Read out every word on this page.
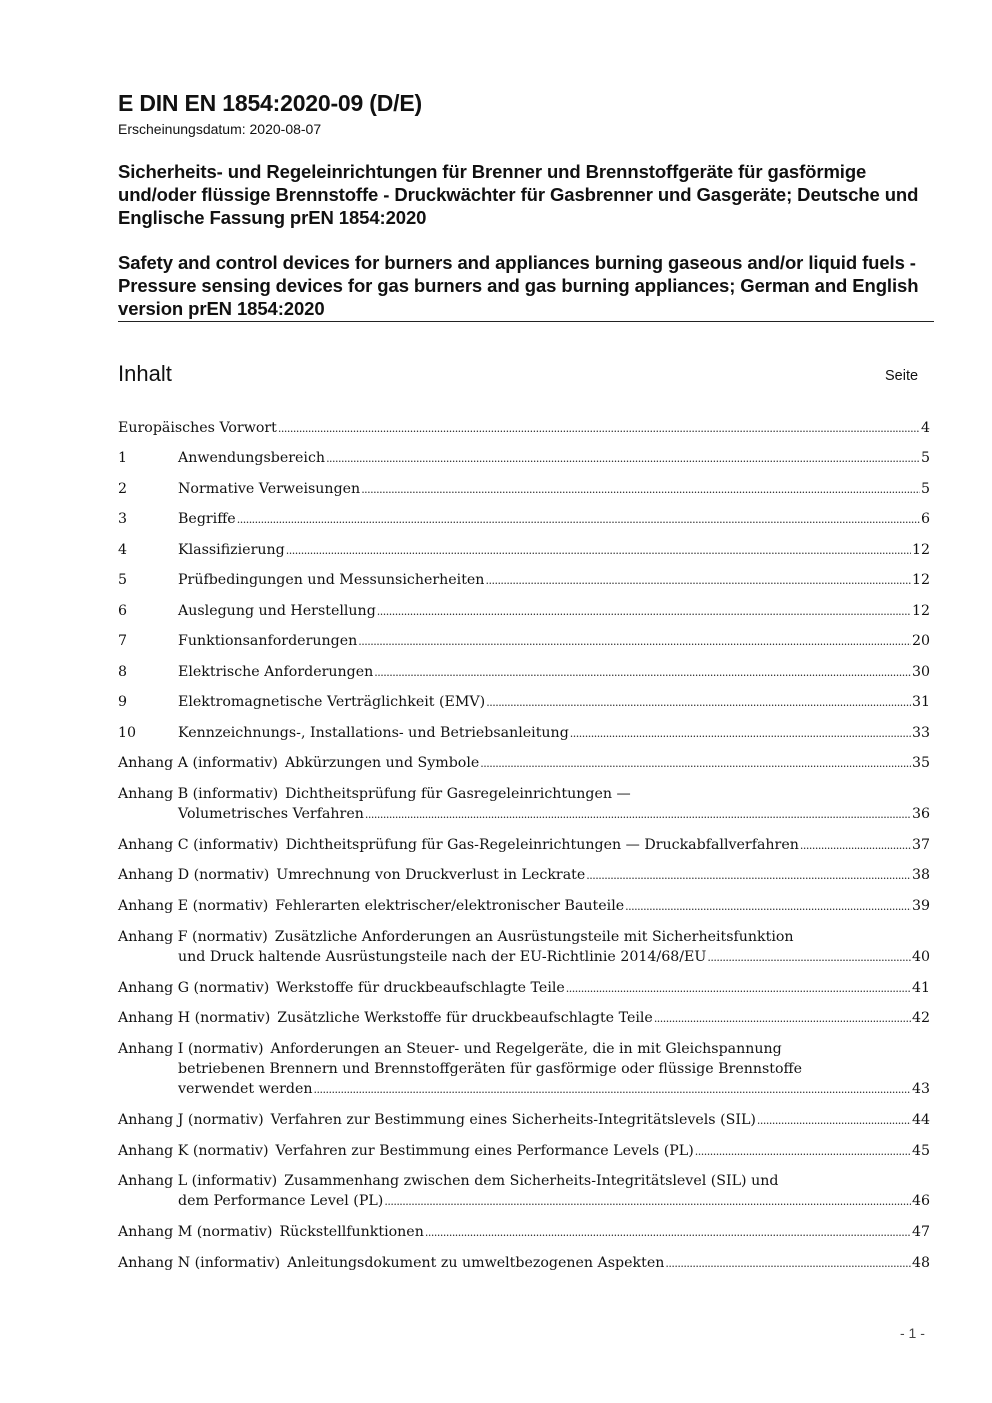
E DIN EN 1854:2020-09 (D/E)
Erscheinungsdatum: 2020-08-07
Sicherheits- und Regeleinrichtungen für Brenner und Brennstoffgeräte für gasförmige und/oder flüssige Brennstoffe - Druckwächter für Gasbrenner und Gasgeräte; Deutsche und Englische Fassung prEN 1854:2020
Safety and control devices for burners and appliances burning gaseous and/or liquid fuels - Pressure sensing devices for gas burners and gas burning appliances; German and English version prEN 1854:2020
Inhalt	Seite
Europäisches Vorwort .....	4
1	Anwendungsbereich .....	5
2	Normative Verweisungen .....	5
3	Begriffe .....	6
4	Klassifizierung .....	12
5	Prüfbedingungen und Messunsicherheiten .....	12
6	Auslegung und Herstellung .....	12
7	Funktionsanforderungen .....	20
8	Elektrische Anforderungen .....	30
9	Elektromagnetische Verträglichkeit (EMV) .....	31
10	Kennzeichnungs-, Installations- und Betriebsanleitung .....	33
Anhang A (informativ) Abkürzungen und Symbole .....	35
Anhang B (informativ) Dichtheitsprüfung für Gasregeleinrichtungen —
Volumetrisches Verfahren .....	36
Anhang C (informativ) Dichtheitsprüfung für Gas-Regeleinrichtungen — Druckabfallverfahren .....	37
Anhang D (normativ) Umrechnung von Druckverlust in Leckrate .....	38
Anhang E (normativ) Fehlerarten elektrischer/elektronischer Bauteile .....	39
Anhang F (normativ) Zusätzliche Anforderungen an Ausrüstungsteile mit Sicherheitsfunktion
und Druck haltende Ausrüstungsteile nach der EU-Richtlinie 2014/68/EU .....	40
Anhang G (normativ) Werkstoffe für druckbeaufschlagte Teile .....	41
Anhang H (normativ) Zusätzliche Werkstoffe für druckbeaufschlagte Teile .....	42
Anhang I (normativ) Anforderungen an Steuer- und Regelgeräte, die in mit Gleichspannung
betriebenen Brennern und Brennstoffgeräten für gasförmige oder flüssige Brennstoffe
verwendet werden .....	43
Anhang J (normativ) Verfahren zur Bestimmung eines Sicherheits-Integritätslevels (SIL) .....	44
Anhang K (normativ) Verfahren zur Bestimmung eines Performance Levels (PL) .....	45
Anhang L (informativ) Zusammenhang zwischen dem Sicherheits-Integritätslevel (SIL) und
dem Performance Level (PL) .....	46
Anhang M (normativ) Rückstellfunktionen .....	47
Anhang N (informativ) Anleitungsdokument zu umweltbezogenen Aspekten .....	48
- 1 -
